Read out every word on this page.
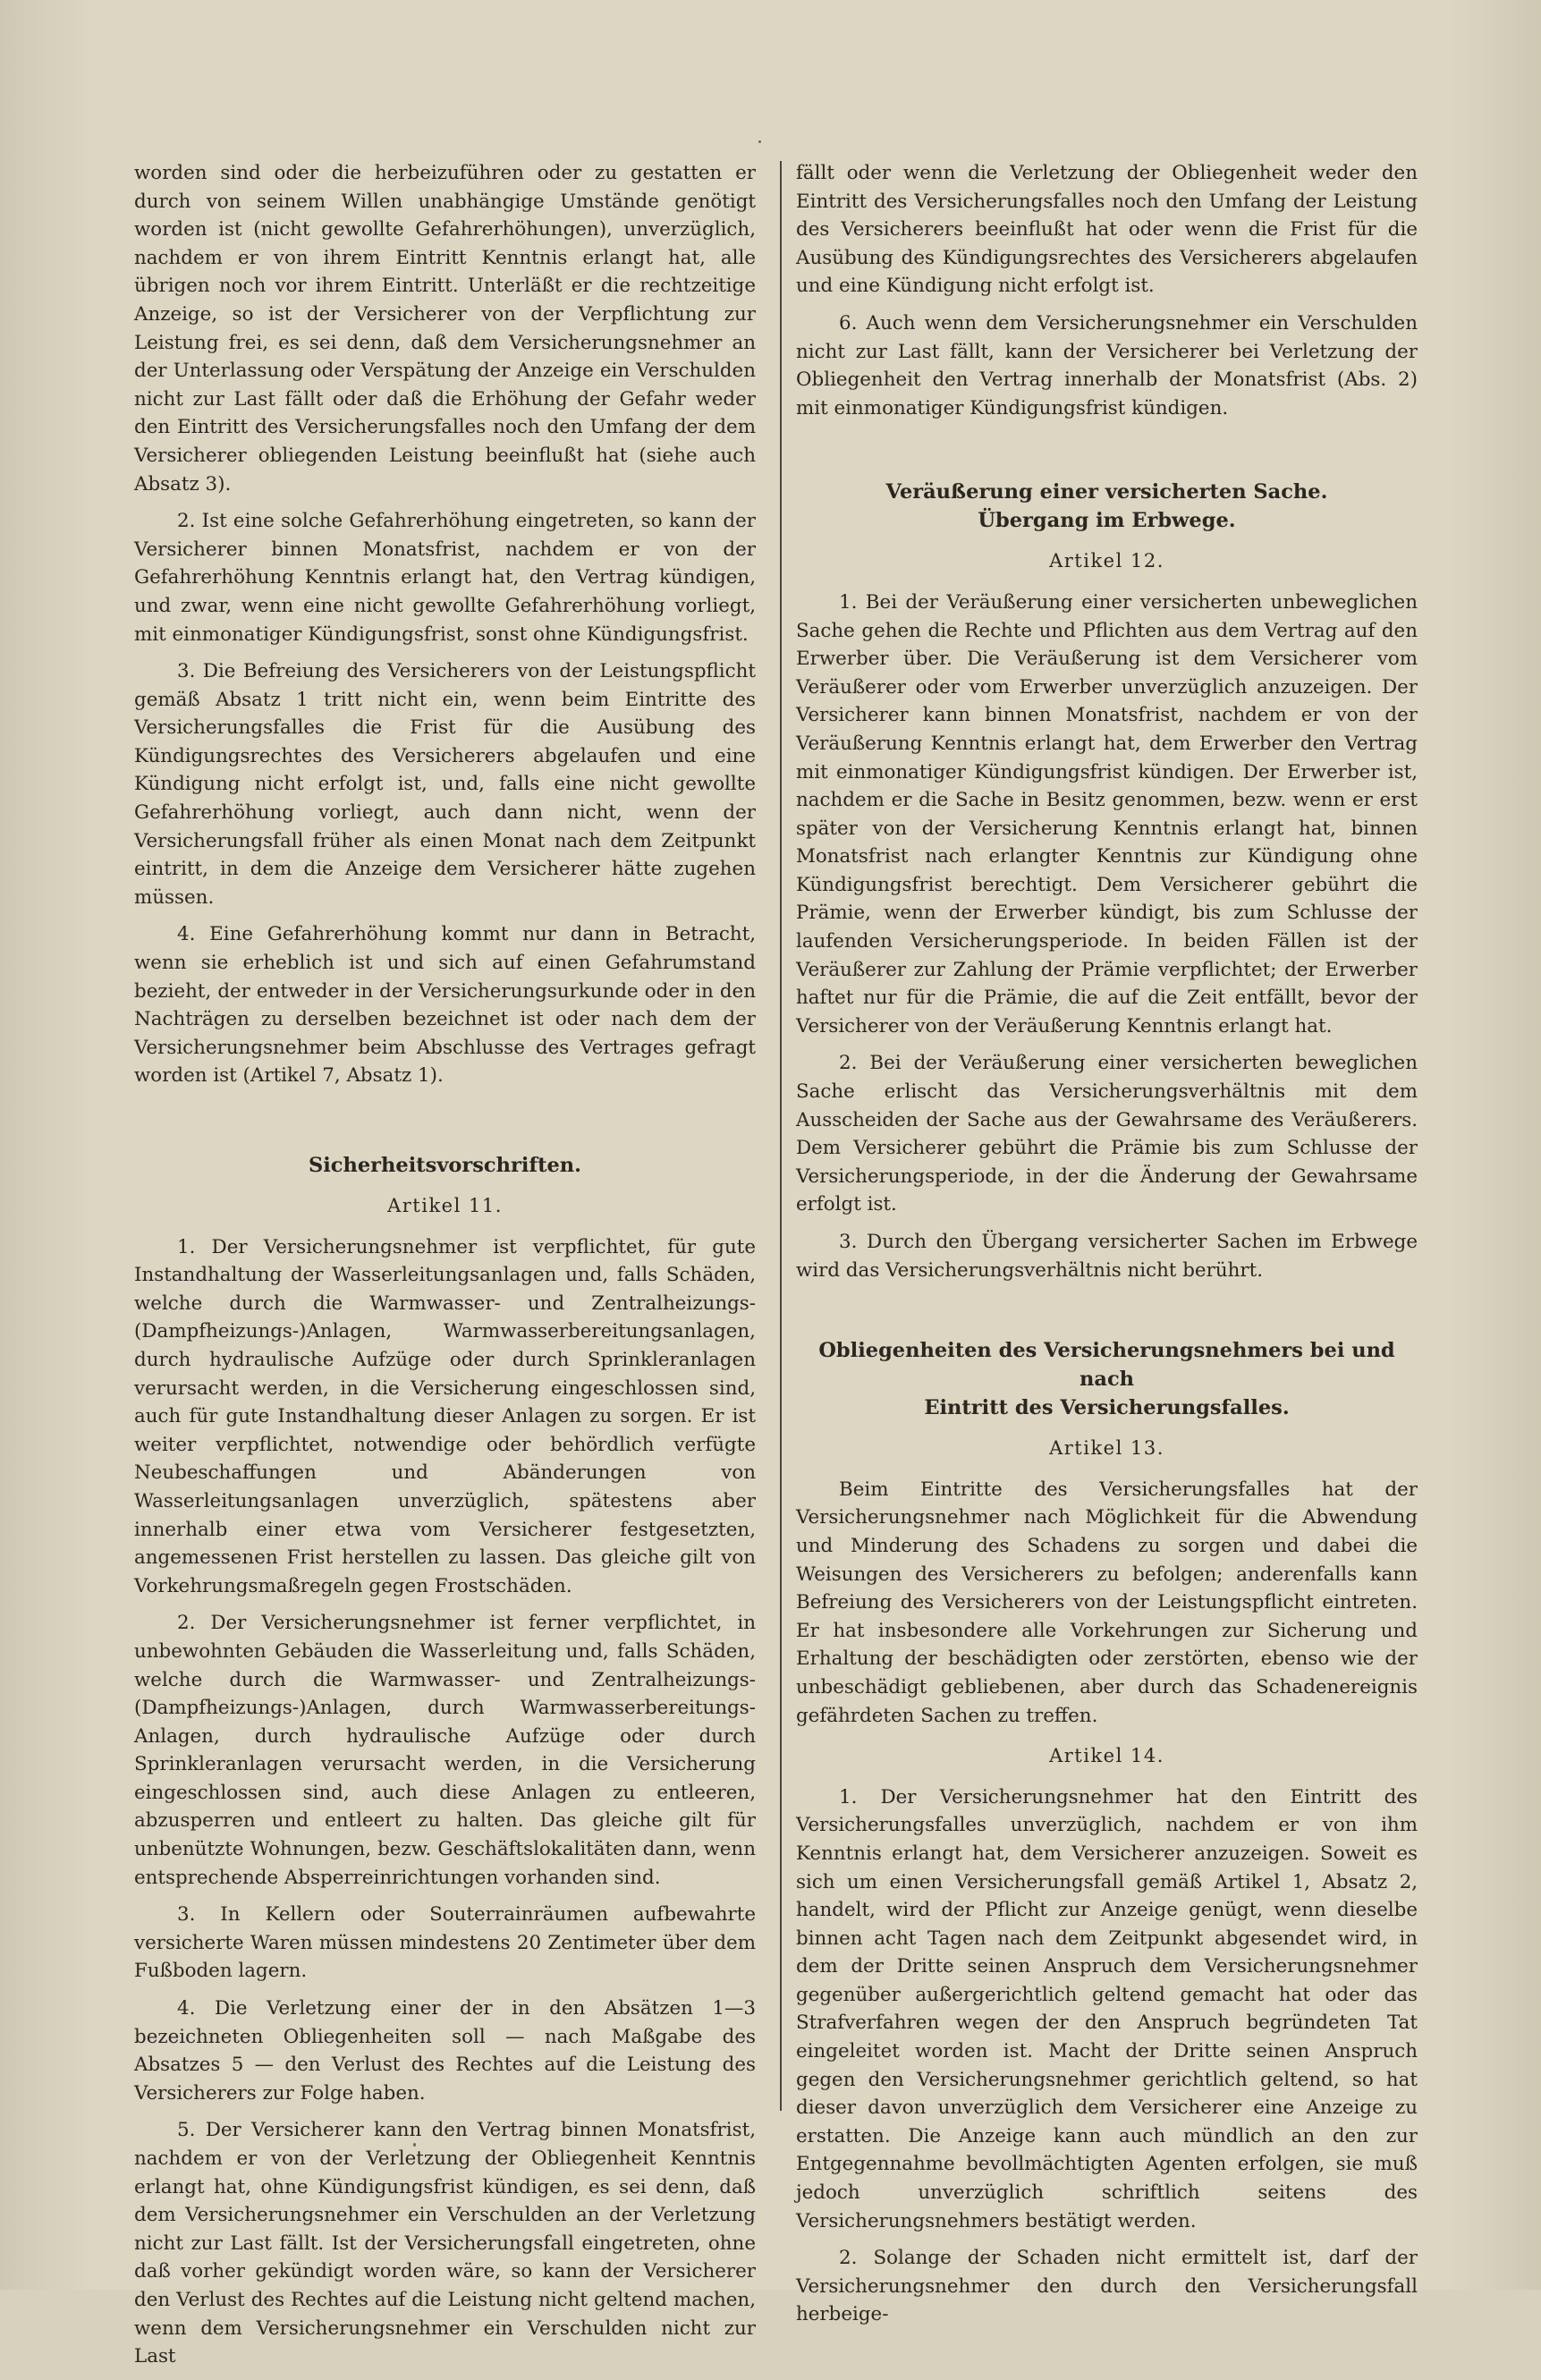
worden sind oder die herbeizuführen oder zu gestatten er durch von seinem Willen unabhängige Umstände genötigt worden ist (nicht gewollte Gefahrerhöhungen), unverzüglich, nachdem er von ihrem Eintritt Kenntnis erlangt hat, alle übrigen noch vor ihrem Eintritt. Unterläßt er die rechtzeitige Anzeige, so ist der Versicherer von der Verpflichtung zur Leistung frei, es sei denn, daß dem Versicherungsnehmer an der Unterlassung oder Verspätung der Anzeige ein Verschulden nicht zur Last fällt oder daß die Erhöhung der Gefahr weder den Eintritt des Versicherungsfalles noch den Umfang der dem Versicherer obliegenden Leistung beeinflußt hat (siehe auch Absatz 3).

2. Ist eine solche Gefahrerhöhung eingetreten, so kann der Versicherer binnen Monatsfrist, nachdem er von der Gefahrerhöhung Kenntnis erlangt hat, den Vertrag kündigen, und zwar, wenn eine nicht gewollte Gefahrerhöhung vorliegt, mit einmonatiger Kündigungsfrist, sonst ohne Kündigungsfrist.

3. Die Befreiung des Versicherers von der Leistungspflicht gemäß Absatz 1 tritt nicht ein, wenn beim Eintritte des Versicherungsfalles die Frist für die Ausübung des Kündigungsrechtes des Versicherers abgelaufen und eine Kündigung nicht erfolgt ist, und, falls eine nicht gewollte Gefahrerhöhung vorliegt, auch dann nicht, wenn der Versicherungsfall früher als einen Monat nach dem Zeitpunkt eintritt, in dem die Anzeige dem Versicherer hätte zugehen müssen.

4. Eine Gefahrerhöhung kommt nur dann in Betracht, wenn sie erheblich ist und sich auf einen Gefahrumstand bezieht, der entweder in der Versicherungsurkunde oder in den Nachträgen zu derselben bezeichnet ist oder nach dem der Versicherungsnehmer beim Abschlusse des Vertrages gefragt worden ist (Artikel 7, Absatz 1).

Sicherheitsvorschriften.
Artikel 11.

1. Der Versicherungsnehmer ist verpflichtet, für gute Instandhaltung der Wasserleitungsanlagen und, falls Schäden, welche durch die Warmwasser- und Zentralheizungs-(Dampfheizungs-)Anlagen, Warmwasserbereitungsanlagen, durch hydraulische Aufzüge oder durch Sprinkleranlagen verursacht werden, in die Versicherung eingeschlossen sind, auch für gute Instandhaltung dieser Anlagen zu sorgen. Er ist weiter verpflichtet, notwendige oder behördlich verfügte Neubeschaffungen und Abänderungen von Wasserleitungsanlagen unverzüglich, spätestens aber innerhalb einer etwa vom Versicherer festgesetzten, angemessenen Frist herstellen zu lassen. Das gleiche gilt von Vorkehrungsmaßregeln gegen Frostschäden.

2. Der Versicherungsnehmer ist ferner verpflichtet, in unbewohnten Gebäuden die Wasserleitung und, falls Schäden, welche durch die Warmwasser- und Zentralheizungs-(Dampfheizungs-)Anlagen, durch Warmwasserbereitungs-Anlagen, durch hydraulische Aufzüge oder durch Sprinkleranlagen verursacht werden, in die Versicherung eingeschlossen sind, auch diese Anlagen zu entleeren, abzusperren und entleert zu halten. Das gleiche gilt für unbenützte Wohnungen, bezw. Geschäftslokalitäten dann, wenn entsprechende Absperreinrichtungen vorhanden sind.

3. In Kellern oder Souterrainräumen aufbewahrte versicherte Waren müssen mindestens 20 Zentimeter über dem Fußboden lagern.

4. Die Verletzung einer der in den Absätzen 1—3 bezeichneten Obliegenheiten soll — nach Maßgabe des Absatzes 5 — den Verlust des Rechtes auf die Leistung des Versicherers zur Folge haben.

5. Der Versicherer kann den Vertrag binnen Monatsfrist, nachdem er von der Verletzung der Obliegenheit Kenntnis erlangt hat, ohne Kündigungsfrist kündigen, es sei denn, daß dem Versicherungsnehmer ein Verschulden an der Verletzung nicht zur Last fällt. Ist der Versicherungsfall eingetreten, ohne daß vorher gekündigt worden wäre, so kann der Versicherer den Verlust des Rechtes auf die Leistung nicht geltend machen, wenn dem Versicherungsnehmer ein Verschulden nicht zur Last

fällt oder wenn die Verletzung der Obliegenheit weder den Eintritt des Versicherungsfalles noch den Umfang der Leistung des Versicherers beeinflußt hat oder wenn die Frist für die Ausübung des Kündigungsrechtes des Versicherers abgelaufen und eine Kündigung nicht erfolgt ist.

6. Auch wenn dem Versicherungsnehmer ein Verschulden nicht zur Last fällt, kann der Versicherer bei Verletzung der Obliegenheit den Vertrag innerhalb der Monatsfrist (Abs. 2) mit einmonatiger Kündigungsfrist kündigen.

Veräußerung einer versicherten Sache.
Übergang im Erbwege.
Artikel 12.

1. Bei der Veräußerung einer versicherten unbeweglichen Sache gehen die Rechte und Pflichten aus dem Vertrag auf den Erwerber über. Die Veräußerung ist dem Versicherer vom Veräußerer oder vom Erwerber unverzüglich anzuzeigen. Der Versicherer kann binnen Monatsfrist, nachdem er von der Veräußerung Kenntnis erlangt hat, dem Erwerber den Vertrag mit einmonatiger Kündigungsfrist kündigen. Der Erwerber ist, nachdem er die Sache in Besitz genommen, bezw. wenn er erst später von der Versicherung Kenntnis erlangt hat, binnen Monatsfrist nach erlangter Kenntnis zur Kündigung ohne Kündigungsfrist berechtigt. Dem Versicherer gebührt die Prämie, wenn der Erwerber kündigt, bis zum Schlusse der laufenden Versicherungsperiode. In beiden Fällen ist der Veräußerer zur Zahlung der Prämie verpflichtet; der Erwerber haftet nur für die Prämie, die auf die Zeit entfällt, bevor der Versicherer von der Veräußerung Kenntnis erlangt hat.

2. Bei der Veräußerung einer versicherten beweglichen Sache erlischt das Versicherungsverhältnis mit dem Ausscheiden der Sache aus der Gewahrsame des Veräußerers. Dem Versicherer gebührt die Prämie bis zum Schlusse der Versicherungsperiode, in der die Änderung der Gewahrsame erfolgt ist.

3. Durch den Übergang versicherter Sachen im Erbwege wird das Versicherungsverhältnis nicht berührt.

Obliegenheiten des Versicherungsnehmers bei und nach
Eintritt des Versicherungsfalles.
Artikel 13.

Beim Eintritte des Versicherungsfalles hat der Versicherungsnehmer nach Möglichkeit für die Abwendung und Minderung des Schadens zu sorgen und dabei die Weisungen des Versicherers zu befolgen; anderenfalls kann Befreiung des Versicherers von der Leistungspflicht eintreten. Er hat insbesondere alle Vorkehrungen zur Sicherung und Erhaltung der beschädigten oder zerstörten, ebenso wie der unbeschädigt gebliebenen, aber durch das Schadenereignis gefährdeten Sachen zu treffen.

Artikel 14.

1. Der Versicherungsnehmer hat den Eintritt des Versicherungsfalles unverzüglich, nachdem er von ihm Kenntnis erlangt hat, dem Versicherer anzuzeigen. Soweit es sich um einen Versicherungsfall gemäß Artikel 1, Absatz 2, handelt, wird der Pflicht zur Anzeige genügt, wenn dieselbe binnen acht Tagen nach dem Zeitpunkt abgesendet wird, in dem der Dritte seinen Anspruch dem Versicherungsnehmer gegenüber außergerichtlich geltend gemacht hat oder das Strafverfahren wegen der den Anspruch begründeten Tat eingeleitet worden ist. Macht der Dritte seinen Anspruch gegen den Versicherungsnehmer gerichtlich geltend, so hat dieser davon unverzüglich dem Versicherer eine Anzeige zu erstatten. Die Anzeige kann auch mündlich an den zur Entgegennahme bevollmächtigten Agenten erfolgen, sie muß jedoch unverzüglich schriftlich seitens des Versicherungsnehmers bestätigt werden.

2. Solange der Schaden nicht ermittelt ist, darf der Versicherungsnehmer den durch den Versicherungsfall herbeige-
